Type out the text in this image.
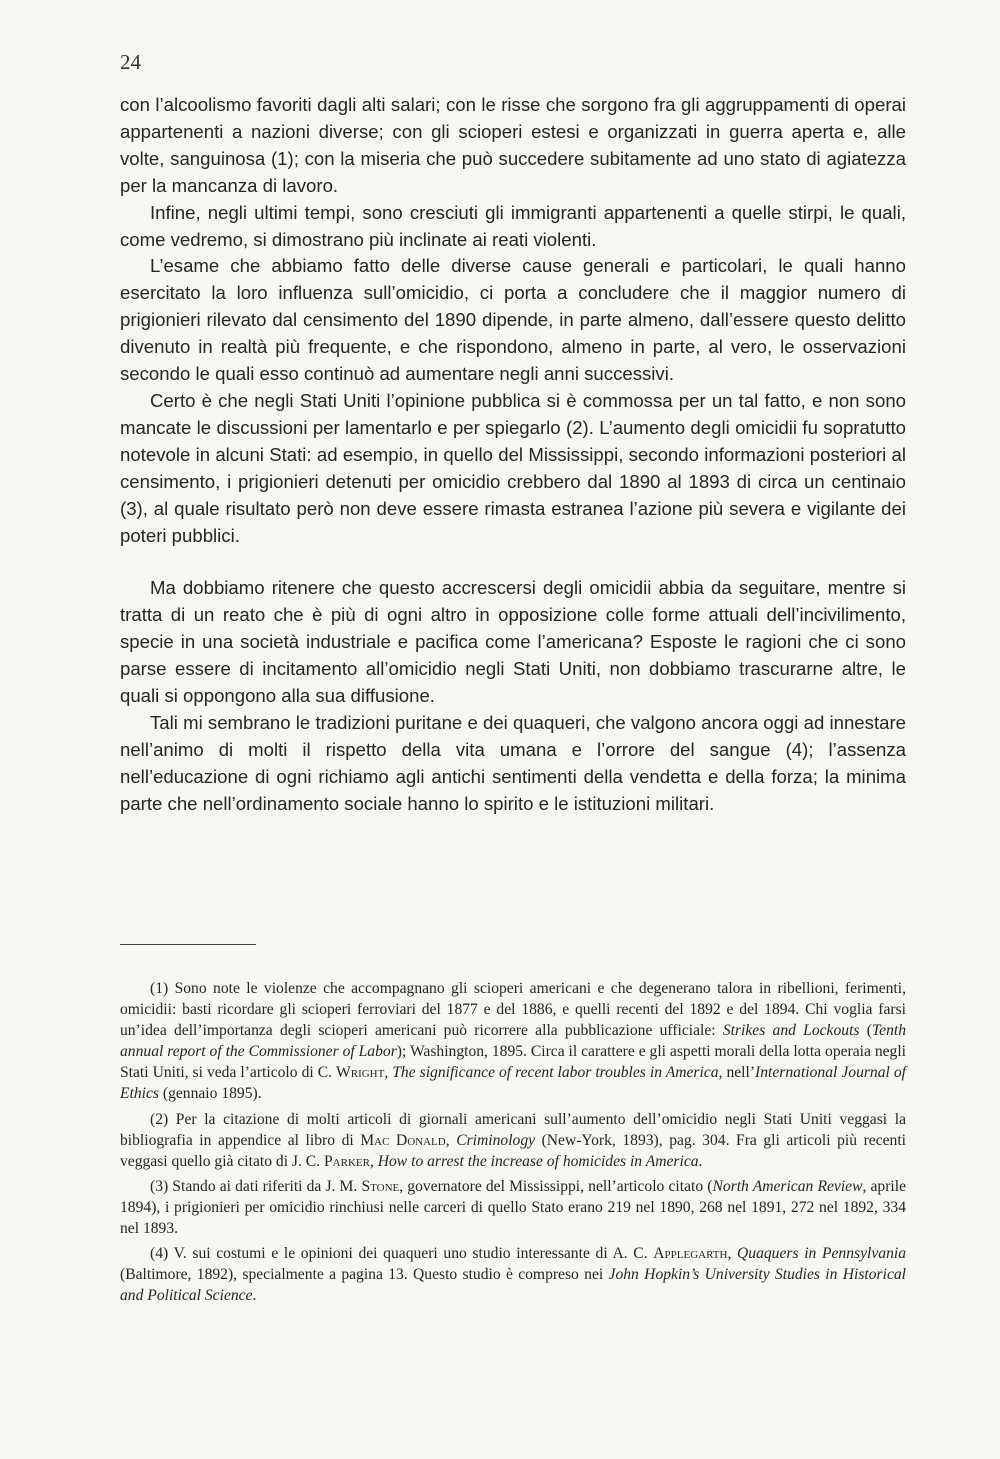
24

con l’alcoolismo favoriti dagli alti salari; con le risse che sorgono fra gli aggruppamenti di operai appartenenti a nazioni diverse; con gli scioperi estesi e organizzati in guerra aperta e, alle volte, sanguinosa (1); con la miseria che può succedere subitamente ad uno stato di agiatezza per la mancanza di lavoro.

Infine, negli ultimi tempi, sono cresciuti gli immigranti appartenenti a quelle stirpi, le quali, come vedremo, si dimostrano più inclinate ai reati violenti.

L’esame che abbiamo fatto delle diverse cause generali e particolari, le quali hanno esercitato la loro influenza sull’omicidio, ci porta a concludere che il maggior numero di prigionieri rilevato dal censimento del 1890 dipende, in parte almeno, dall’essere questo delitto divenuto in realtà più frequente, e che rispondono, almeno in parte, al vero, le osservazioni secondo le quali esso continuò ad aumentare negli anni successivi.

Certo è che negli Stati Uniti l’opinione pubblica si è commossa per un tal fatto, e non sono mancate le discussioni per lamentarlo e per spiegarlo (2). L’aumento degli omicidii fu sopratutto notevole in alcuni Stati: ad esempio, in quello del Mississippi, secondo informazioni posteriori al censimento, i prigionieri detenuti per omicidio crebbero dal 1890 al 1893 di circa un centinaio (3), al quale risultato però non deve essere rimasta estranea l’azione più severa e vigilante dei poteri pubblici.

Ma dobbiamo ritenere che questo accrescersi degli omicidii abbia da seguitare, mentre si tratta di un reato che è più di ogni altro in opposizione colle forme attuali dell’incivilimento, specie in una società industriale e pacifica come l’americana? Esposte le ragioni che ci sono parse essere di incitamento all’omicidio negli Stati Uniti, non dobbiamo trascurarne altre, le quali si oppongono alla sua diffusione.

Tali mi sembrano le tradizioni puritane e dei quaqueri, che valgono ancora oggi ad innestare nell’animo di molti il rispetto della vita umana e l’orrore del sangue (4); l’assenza nell’educazione di ogni richiamo agli antichi sentimenti della vendetta e della forza; la minima parte che nell’ordinamento sociale hanno lo spirito e le istituzioni militari.

(1) Sono note le violenze che accompagnano gli scioperi americani e che degenerano talora in ribellioni, ferimenti, omicidii: basti ricordare gli scioperi ferroviari del 1877 e del 1886, e quelli recenti del 1892 e del 1894. Chi voglia farsi un’idea dell’importanza degli scioperi americani può ricorrere alla pubblicazione ufficiale: Strikes and Lockouts (Tenth annual report of the Commissioner of Labor); Washington, 1895. Circa il carattere e gli aspetti morali della lotta operaia negli Stati Uniti, si veda l’articolo di C. Wright, The significance of recent labor troubles in America, nell’International Journal of Ethics (gennaio 1895).

(2) Per la citazione di molti articoli di giornali americani sull’aumento dell’omicidio negli Stati Uniti veggasi la bibliografia in appendice al libro di Mac Donald, Criminology (New-York, 1893), pag. 304. Fra gli articoli più recenti veggasi quello già citato di J. C. Parker, How to arrest the increase of homicides in America.

(3) Stando ai dati riferiti da J. M. Stone, governatore del Mississippi, nell’articolo citato (North American Review, aprile 1894), i prigionieri per omicidio rinchiusi nelle carceri di quello Stato erano 219 nel 1890, 268 nel 1891, 272 nel 1892, 334 nel 1893.

(4) V. sui costumi e le opinioni dei quaqueri uno studio interessante di A. C. Applegarth, Quaquers in Pennsylvania (Baltimore, 1892), specialmente a pagina 13. Questo studio è compreso nei John Hopkin’s University Studies in Historical and Political Science.
